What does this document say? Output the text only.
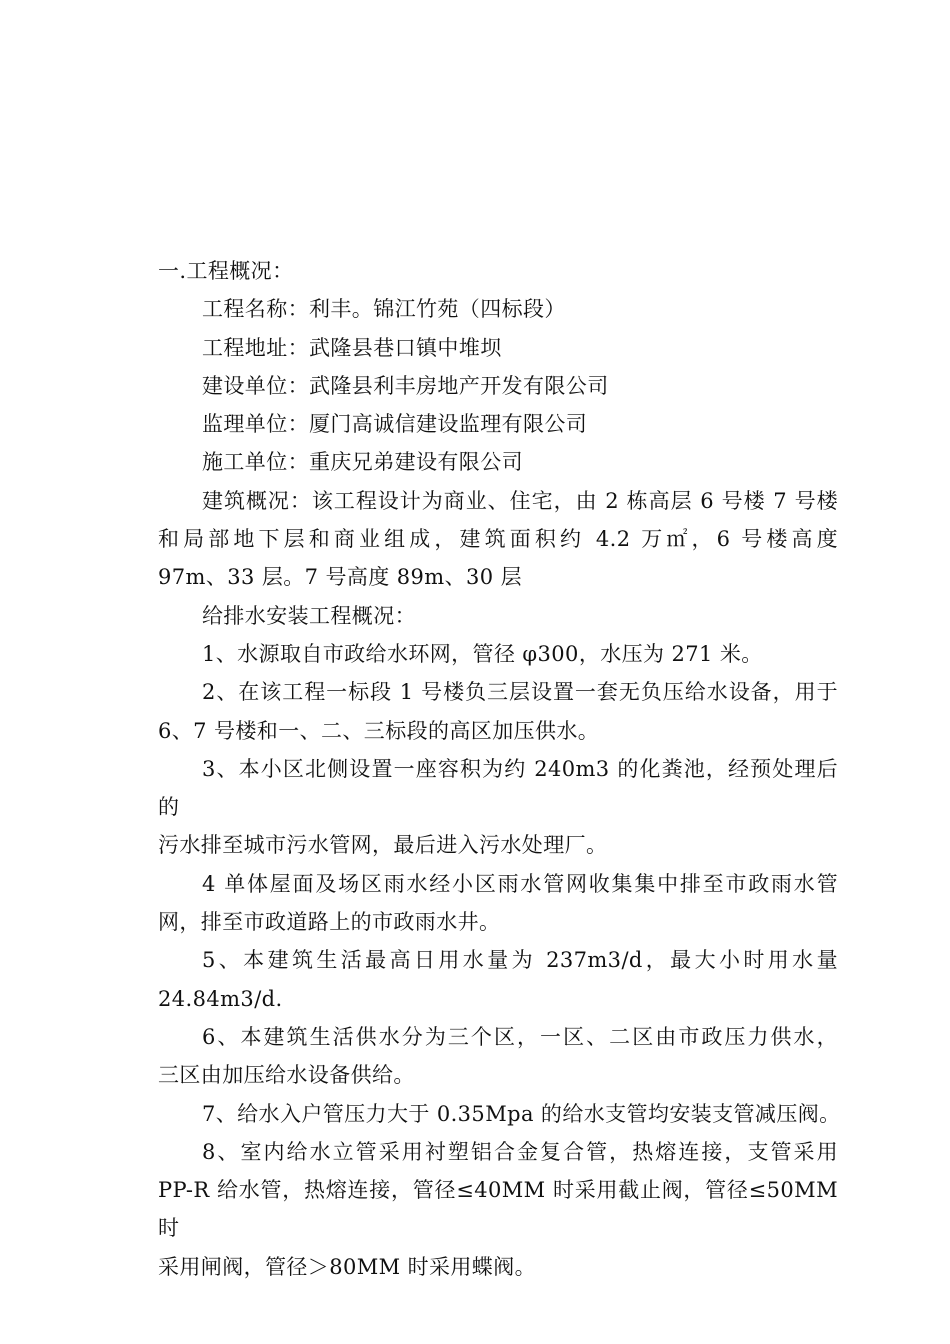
一.工程概况：
工程名称：利丰。锦江竹苑（四标段）
工程地址：武隆县巷口镇中堆坝
建设单位：武隆县利丰房地产开发有限公司
监理单位：厦门高诚信建设监理有限公司
施工单位：重庆兄弟建设有限公司
建筑概况：该工程设计为商业、住宅，由 2 栋高层 6 号楼 7 号楼
和局部地下层和商业组成，建筑面积约 4.2 万㎡，6 号楼高度
97m、33 层。7 号高度 89m、30 层
给排水安装工程概况：
1、水源取自市政给水环网，管径 φ300，水压为 271 米。
2、在该工程一标段 1 号楼负三层设置一套无负压给水设备，用于
6、7 号楼和一、二、三标段的高区加压供水。
3、本小区北侧设置一座容积为约 240m3 的化粪池，经预处理后的
污水排至城市污水管网，最后进入污水处理厂。
4 单体屋面及场区雨水经小区雨水管网收集集中排至市政雨水管
网，排至市政道路上的市政雨水井。
5、本建筑生活最高日用水量为 237m3/d，最大小时用水量
24.84m3/d.
6、本建筑生活供水分为三个区，一区、二区由市政压力供水，
三区由加压给水设备供给。
7、给水入户管压力大于 0.35Mpa 的给水支管均安装支管减压阀。
8、室内给水立管采用衬塑铝合金复合管，热熔连接，支管采用
PP-R 给水管，热熔连接，管径≤40MM 时采用截止阀，管径≤50MM 时
采用闸阀，管径＞80MM 时采用蝶阀。
